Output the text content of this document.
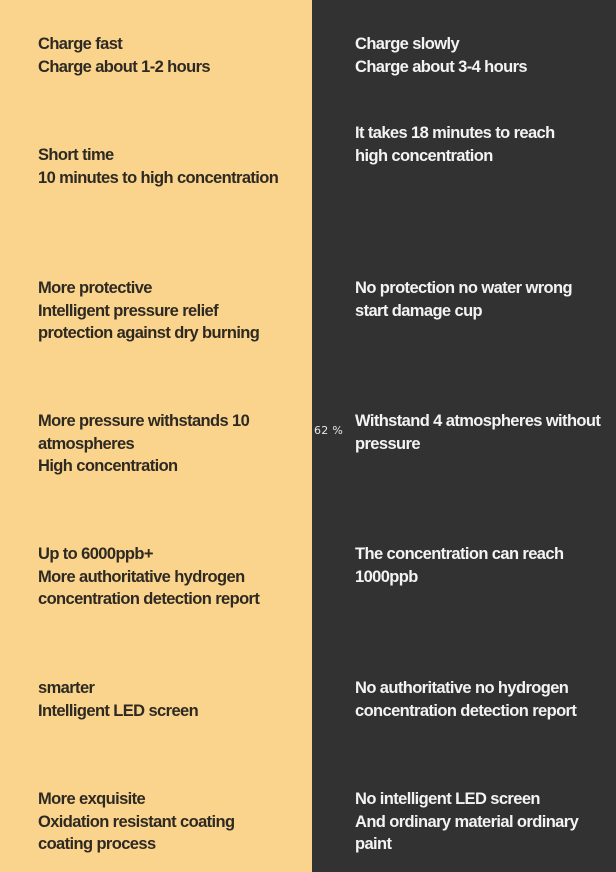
Charge fast
Charge about 1-2 hours
Short time
10 minutes to high concentration
More protective
Intelligent pressure relief
protection against dry burning
More pressure withstands 10
atmospheres
High concentration
Up to 6000ppb+
More authoritative hydrogen
concentration detection report
smarter
Intelligent LED screen
More exquisite
Oxidation resistant coating
coating process
Charge slowly
Charge about 3-4 hours
It takes 18 minutes to reach
high concentration
No protection no water wrong
start damage cup
Withstand 4 atmospheres without
pressure
The concentration can reach
1000ppb
No authoritative no hydrogen
concentration detection report
No intelligent LED screen
And ordinary material ordinary
paint
62 %
